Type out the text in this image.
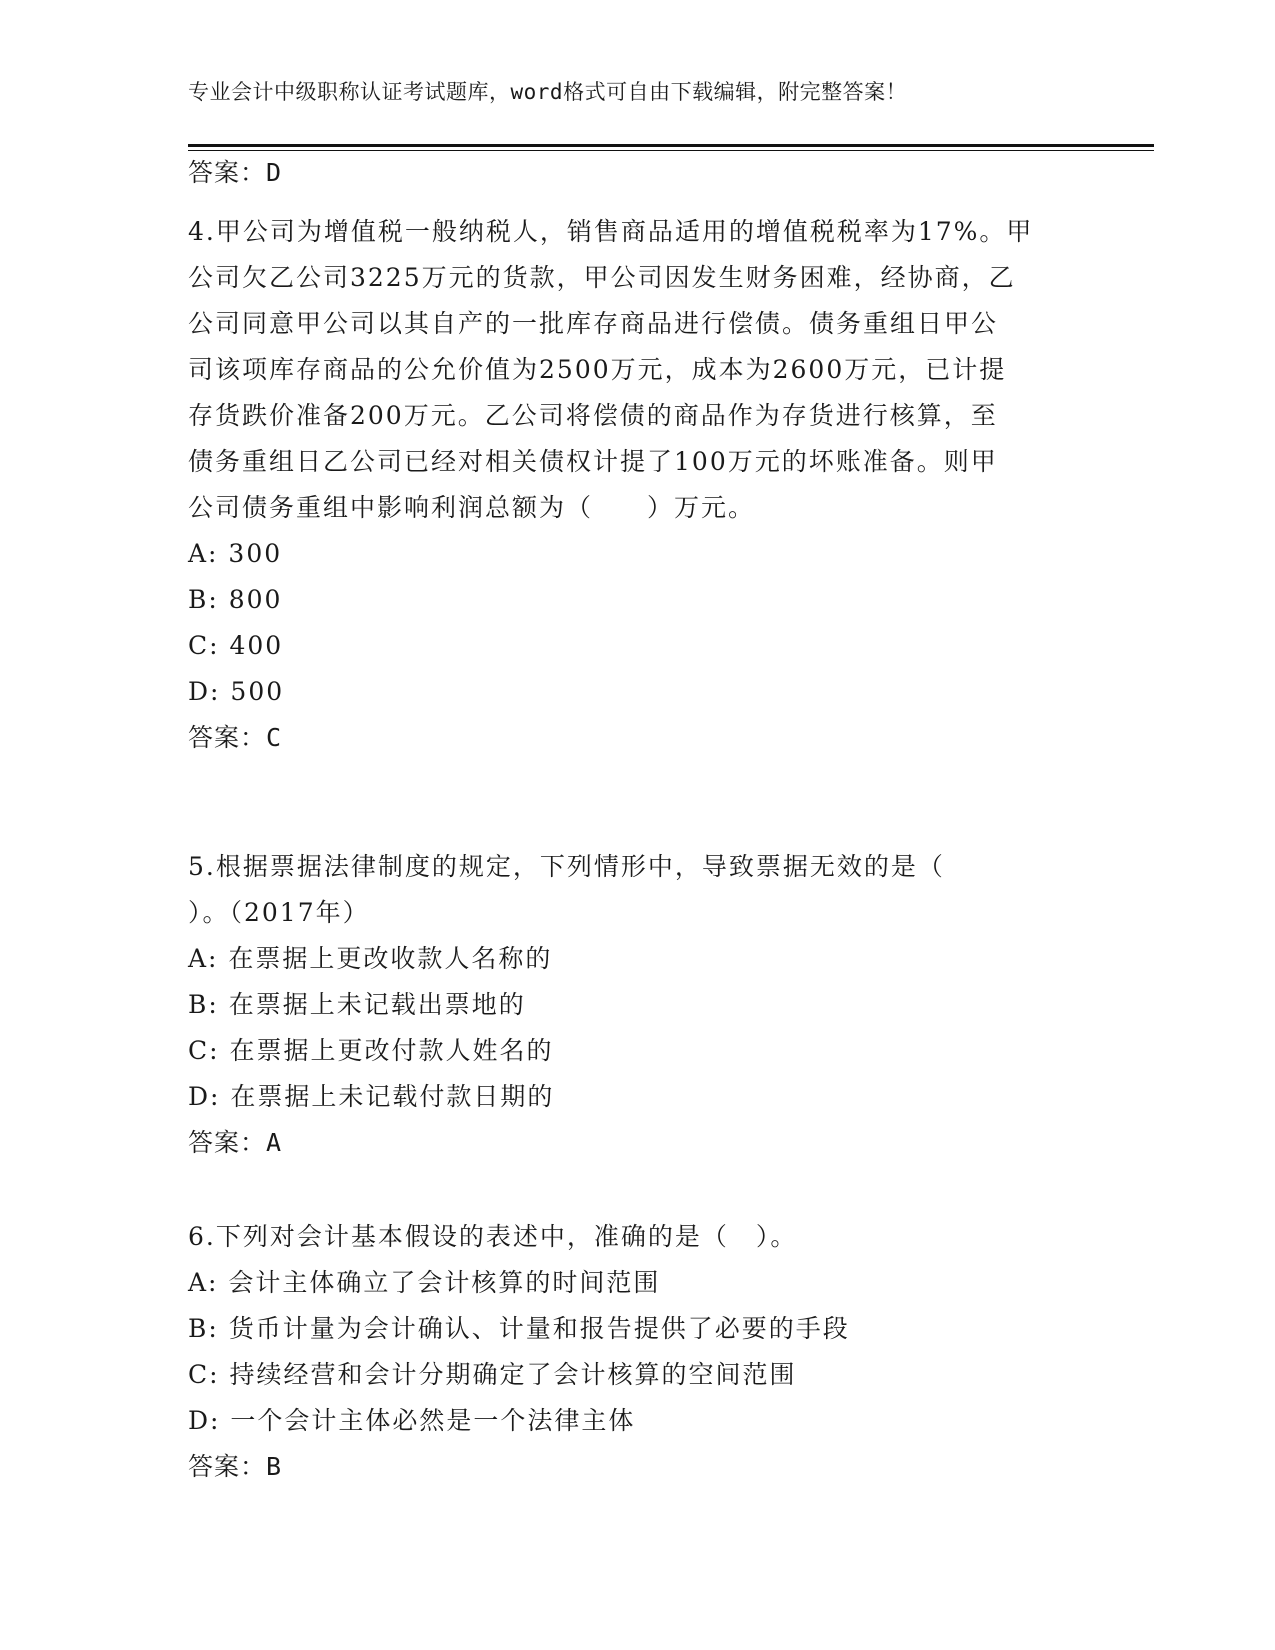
专业会计中级职称认证考试题库，word格式可自由下载编辑，附完整答案！
答案：D
4.甲公司为增值税一般纳税人，销售商品适用的增值税税率为17%。甲
公司欠乙公司3225万元的货款，甲公司因发生财务困难，经协商，乙
公司同意甲公司以其自产的一批库存商品进行偿债。债务重组日甲公
司该项库存商品的公允价值为2500万元，成本为2600万元，已计提
存货跌价准备200万元。乙公司将偿债的商品作为存货进行核算，至
债务重组日乙公司已经对相关债权计提了100万元的坏账准备。则甲
公司债务重组中影响利润总额为（　　）万元。
A: 300
B: 800
C: 400
D: 500
答案：C
5.根据票据法律制度的规定，下列情形中，导致票据无效的是（
）。（2017年）
A: 在票据上更改收款人名称的
B: 在票据上未记载出票地的
C: 在票据上更改付款人姓名的
D: 在票据上未记载付款日期的
答案：A
6.下列对会计基本假设的表述中，准确的是（　）。
A: 会计主体确立了会计核算的时间范围
B: 货币计量为会计确认、计量和报告提供了必要的手段
C: 持续经营和会计分期确定了会计核算的空间范围
D: 一个会计主体必然是一个法律主体
答案：B
